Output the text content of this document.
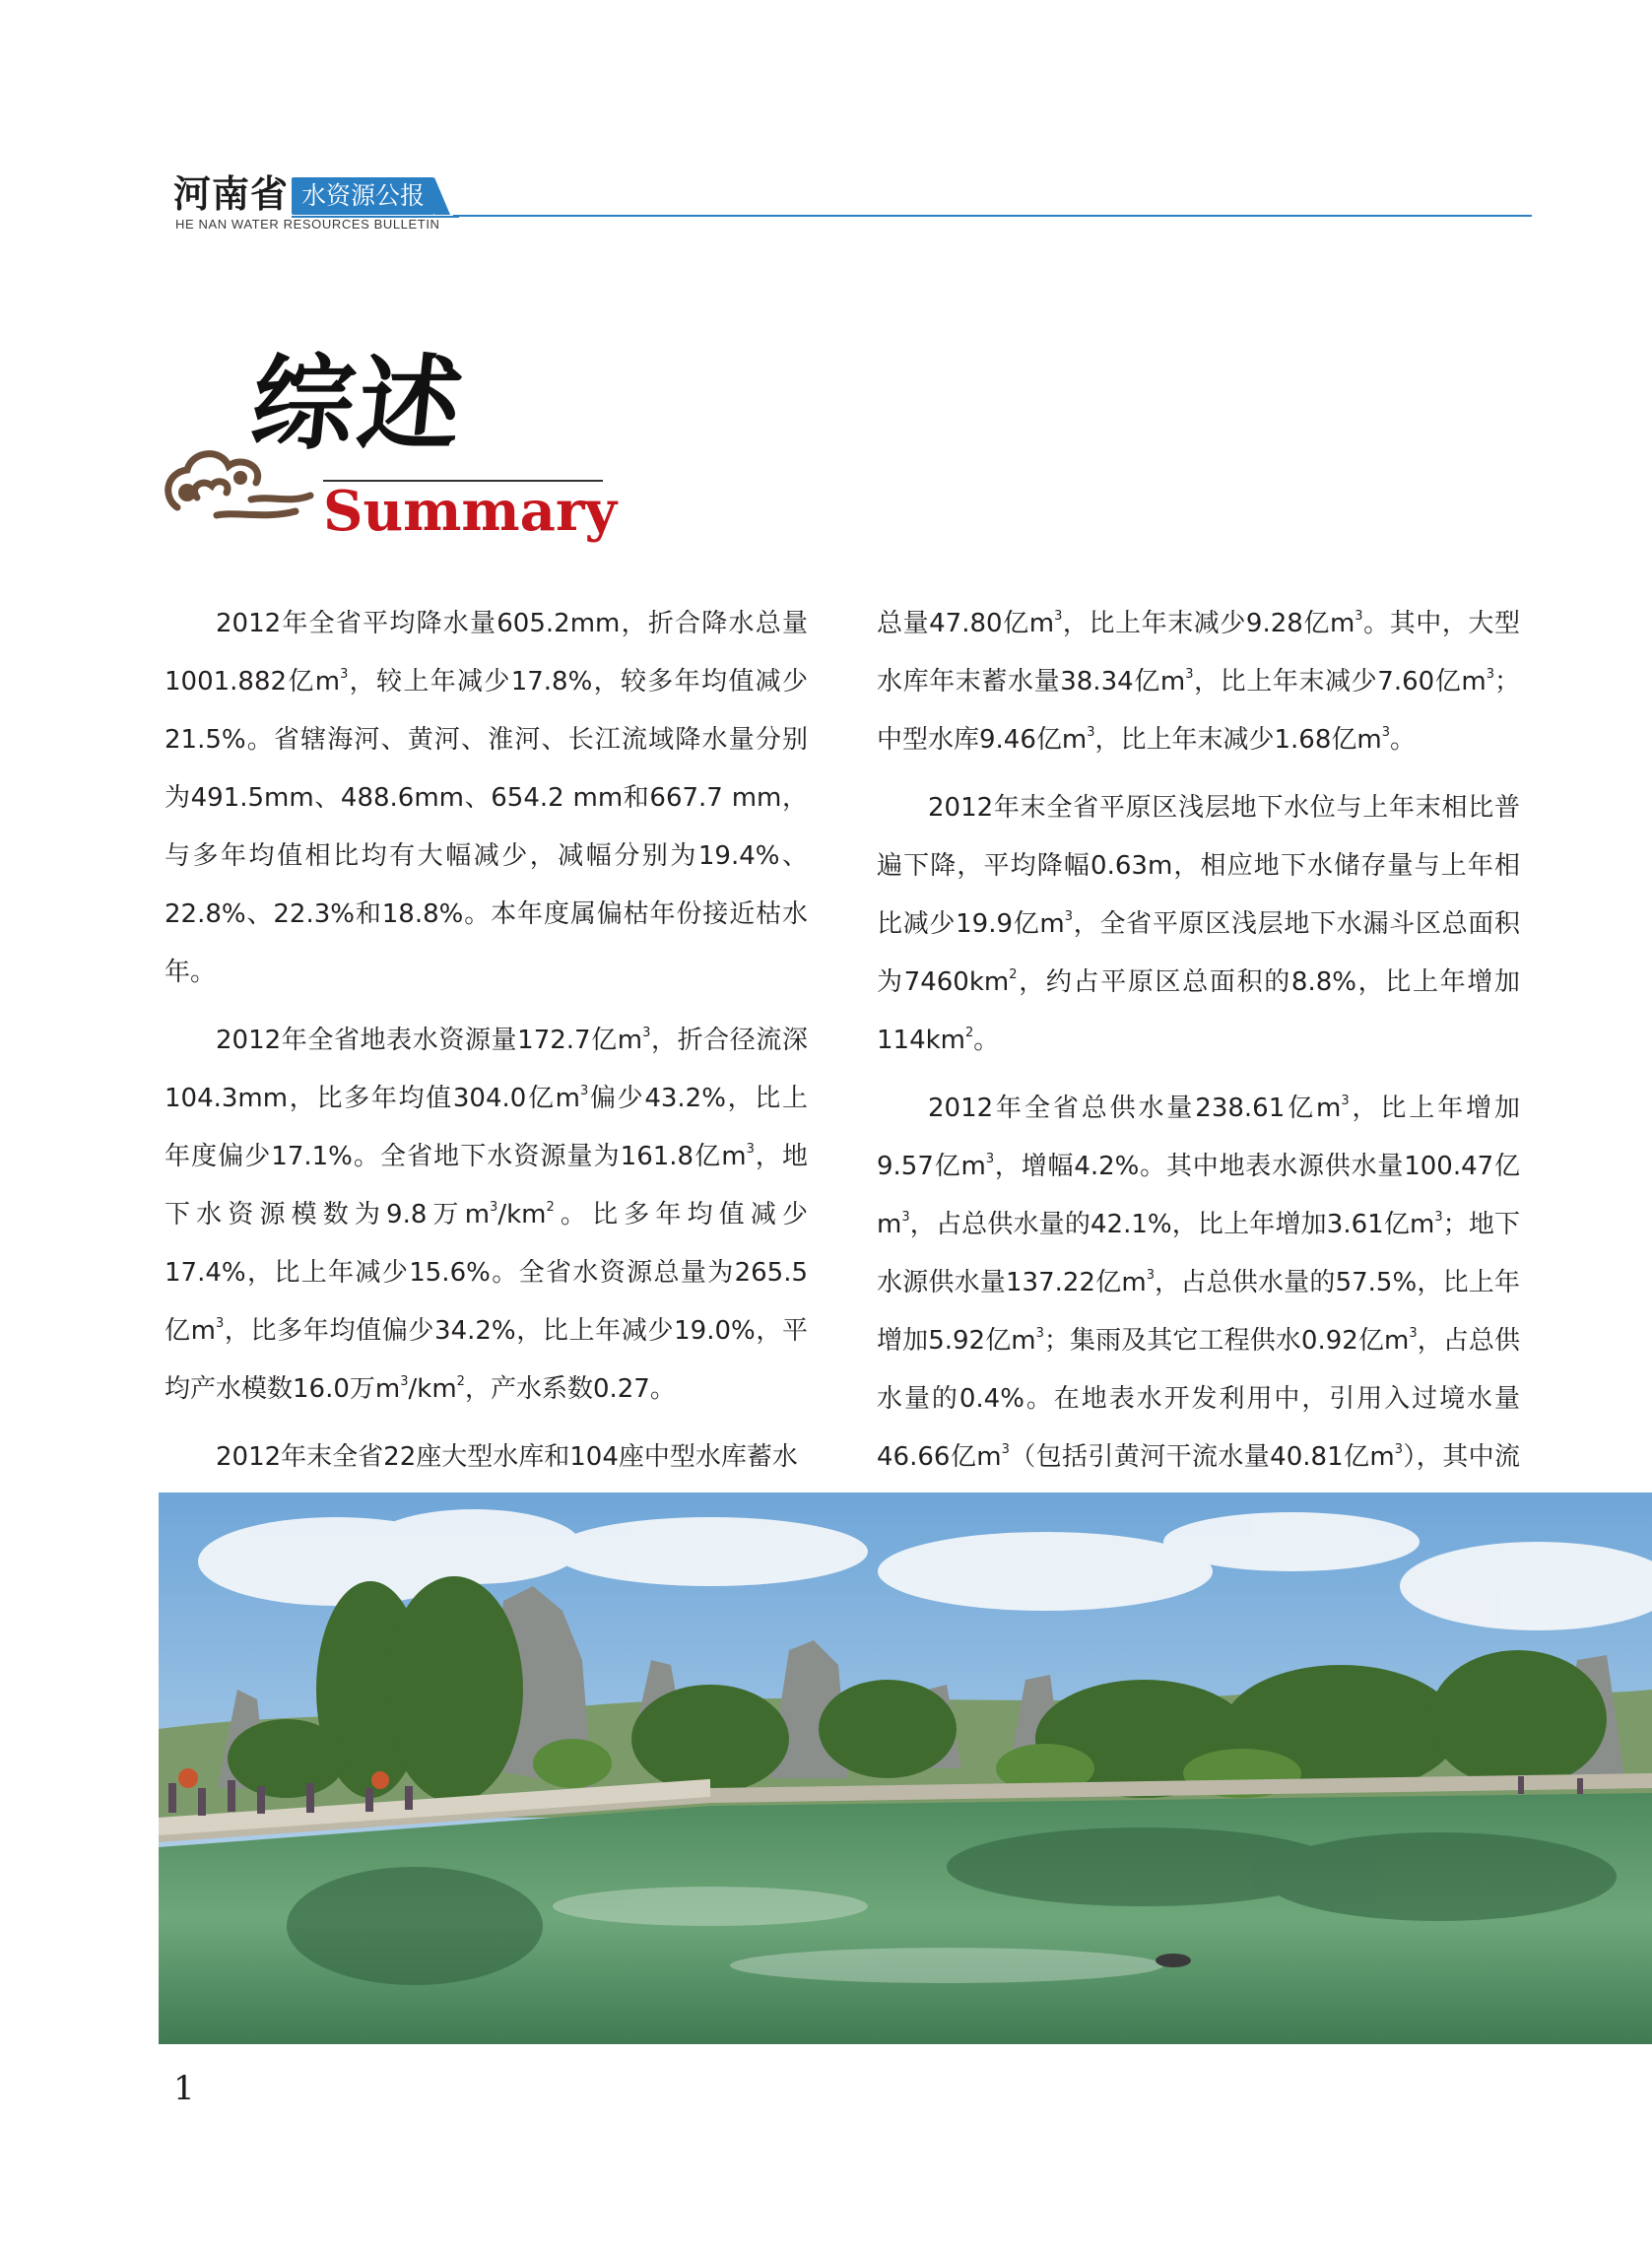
河南省 水资源公报
HE NAN WATER RESOURCES BULLETIN
综述
Summary

2012年全省平均降水量605.2mm，折合降水总量1001.882亿$m^3$，较上年减少17.8%，较多年均值减少21.5%。省辖海河、黄河、淮河、长江流域降水量分别为491.5mm、488.6mm、654.2 mm和667.7 mm，与多年均值相比均有大幅减少，减幅分别为19.4%、22.8%、22.3%和18.8%。本年度属偏枯年份接近枯水年。

2012年全省地表水资源量172.7亿$m^3$，折合径流深104.3mm，比多年均值304.0亿$m^3$偏少43.2%，比上年度偏少17.1%。全省地下水资源量为161.8亿$m^3$，地下水资源模数为9.8万$m^3/km^2$。比多年均值减少17.4%，比上年减少15.6%。全省水资源总量为265.5亿$m^3$，比多年均值偏少34.2%，比上年减少19.0%，平均产水模数16.0万$m^3/km^2$，产水系数0.27。

2012年末全省22座大型水库和104座中型水库蓄水

总量47.80亿$m^3$，比上年末减少9.28亿$m^3$。其中，大型水库年末蓄水量38.34亿$m^3$，比上年末减少7.60亿$m^3$；中型水库9.46亿$m^3$，比上年末减少1.68亿$m^3$。

2012年末全省平原区浅层地下水位与上年末相比普遍下降，平均降幅0.63m，相应地下水储存量与上年相比减少19.9亿$m^3$，全省平原区浅层地下水漏斗区总面积为$7460km^2$，约占平原区总面积的8.8%，比上年增加$114km^2$。

2012年全省总供水量238.61亿$m^3$，比上年增加9.57亿$m^3$，增幅4.2%。其中地表水源供水量100.47亿$m^3$，占总供水量的42.1%，比上年增加3.61亿$m^3$；地下水源供水量137.22亿$m^3$，占总供水量的57.5%，比上年增加5.92亿$m^3$；集雨及其它工程供水0.92亿$m^3$，占总供水量的0.4%。在地表水开发利用中，引用入过境水量46.66亿$m^3$（包括引黄河干流水量40.81亿$m^3$），其中流

1
